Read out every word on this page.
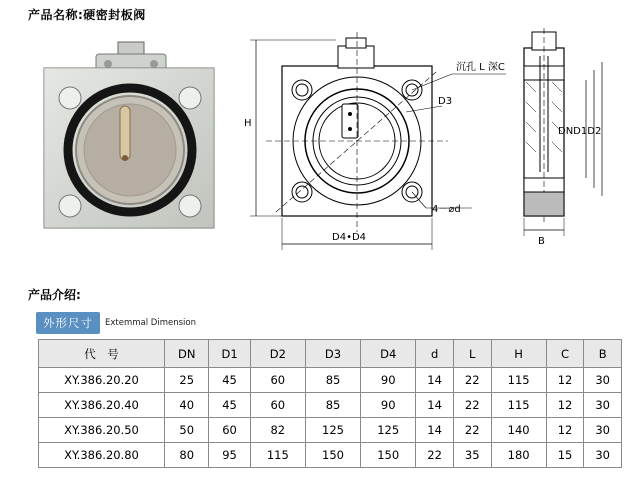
产品名称:硬密封板阀
H
D4•D4
沉孔 L 深C
D3
4－⌀d
DND1D2
B
产品介绍:
外形尺寸	Extemmal Dimension
代　号	DN	D1	D2	D3	D4	d	L	H	C	B
XY.386.20.20	25	45	60	85	90	14	22	115	12	30
XY.386.20.40	40	45	60	85	90	14	22	115	12	30
XY.386.20.50	50	60	82	125	125	14	22	140	12	30
XY.386.20.80	80	95	115	150	150	22	35	180	15	30
